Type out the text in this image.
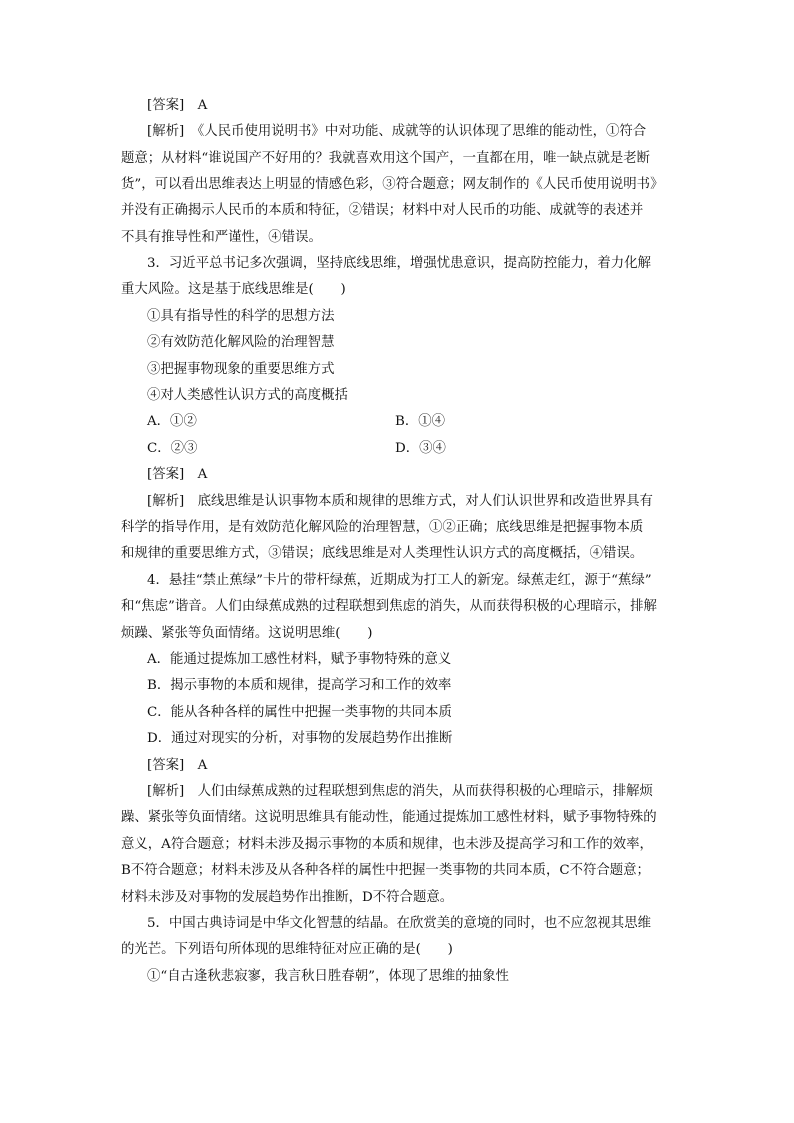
[答案]　 A
[解析]　《人民币使用说明书》中对功能、成就等的认识体现了思维的能动性，①符合
题意；从材料“谁说国产不好用的？我就喜欢用这个国产，一直都在用，唯一缺点就是老断
货”，可以看出思维表达上明显的情感色彩，③符合题意；网友制作的《人民币使用说明书》
并没有正确揭示人民币的本质和特征，②错误；材料中对人民币的功能、成就等的表述并
不具有推导性和严谨性，④错误。
3．习近平总书记多次强调，坚持底线思维，增强忧患意识，提高防控能力，着力化解
重大风险。这是基于底线思维是(　　)
①具有指导性的科学的思想方法
②有效防范化解风险的治理智慧
③把握事物现象的重要思维方式
④对人类感性认识方式的高度概括
A．①②	B．①④
C．②③	D．③④
[答案]　 A
[解析]　底线思维是认识事物本质和规律的思维方式，对人们认识世界和改造世界具有
科学的指导作用，是有效防范化解风险的治理智慧，①②正确；底线思维是把握事物本质
和规律的重要思维方式，③错误；底线思维是对人类理性认识方式的高度概括，④错误。
4．悬挂“禁止蕉绿”卡片的带杆绿蕉，近期成为打工人的新宠。绿蕉走红，源于“蕉绿”
和“焦虑”谐音。人们由绿蕉成熟的过程联想到焦虑的消失，从而获得积极的心理暗示，排解
烦躁、紧张等负面情绪。这说明思维(　　)
A．能通过提炼加工感性材料，赋予事物特殊的意义
B．揭示事物的本质和规律，提高学习和工作的效率
C．能从各种各样的属性中把握一类事物的共同本质
D．通过对现实的分析，对事物的发展趋势作出推断
[答案]　 A
[解析]　人们由绿蕉成熟的过程联想到焦虑的消失，从而获得积极的心理暗示，排解烦
躁、紧张等负面情绪。这说明思维具有能动性，能通过提炼加工感性材料，赋予事物特殊的
意义，A符合题意；材料未涉及揭示事物的本质和规律，也未涉及提高学习和工作的效率，
B不符合题意；材料未涉及从各种各样的属性中把握一类事物的共同本质，C不符合题意；
材料未涉及对事物的发展趋势作出推断，D不符合题意。
5．中国古典诗词是中华文化智慧的结晶。在欣赏美的意境的同时，也不应忽视其思维
的光芒。下列语句所体现的思维特征对应正确的是(　　)
①“自古逢秋悲寂寥，我言秋日胜春朝”，体现了思维的抽象性
